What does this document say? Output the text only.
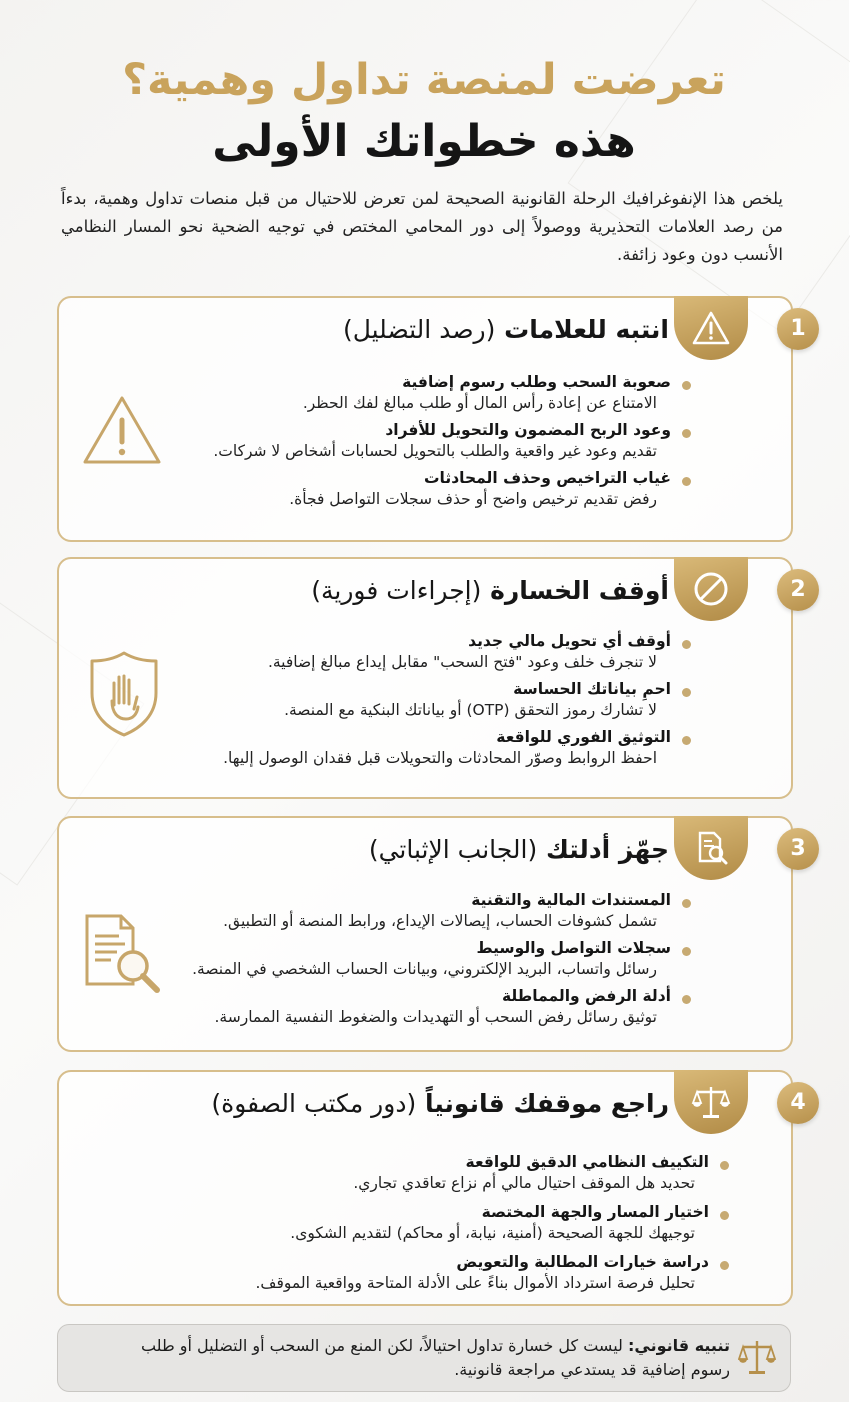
تعرضت لمنصة تداول وهمية؟
هذه خطواتك الأولى
يلخص هذا الإنفوغرافيك الرحلة القانونية الصحيحة لمن تعرض للاحتيال من قبل منصات تداول وهمية، بدءاً من رصد العلامات التحذيرية ووصولاً إلى دور المحامي المختص في توجيه الضحية نحو المسار النظامي الأنسب دون وعود زائفة.
1
انتبه للعلامات (رصد التضليل)
صعوبة السحب وطلب رسوم إضافية
الامتناع عن إعادة رأس المال أو طلب مبالغ لفك الحظر.
وعود الربح المضمون والتحويل للأفراد
تقديم وعود غير واقعية والطلب بالتحويل لحسابات أشخاص لا شركات.
غياب التراخيص وحذف المحادثات
رفض تقديم ترخيص واضح أو حذف سجلات التواصل فجأة.
2
أوقف الخسارة (إجراءات فورية)
أوقف أي تحويل مالي جديد
لا تنجرف خلف وعود "فتح السحب" مقابل إيداع مبالغ إضافية.
احمِ بياناتك الحساسة
لا تشارك رموز التحقق (OTP) أو بياناتك البنكية مع المنصة.
التوثيق الفوري للواقعة
احفظ الروابط وصوّر المحادثات والتحويلات قبل فقدان الوصول إليها.
3
جهّز أدلتك (الجانب الإثباتي)
المستندات المالية والتقنية
تشمل كشوفات الحساب، إيصالات الإيداع، ورابط المنصة أو التطبيق.
سجلات التواصل والوسيط
رسائل واتساب، البريد الإلكتروني، وبيانات الحساب الشخصي في المنصة.
أدلة الرفض والمماطلة
توثيق رسائل رفض السحب أو التهديدات والضغوط النفسية الممارسة.
4
راجع موقفك قانونياً (دور مكتب الصفوة)
التكييف النظامي الدقيق للواقعة
تحديد هل الموقف احتيال مالي أم نزاع تعاقدي تجاري.
اختيار المسار والجهة المختصة
توجيهك للجهة الصحيحة (أمنية، نيابة، أو محاكم) لتقديم الشكوى.
دراسة خيارات المطالبة والتعويض
تحليل فرصة استرداد الأموال بناءً على الأدلة المتاحة وواقعية الموقف.
تنبيه قانوني: ليست كل خسارة تداول احتيالاً، لكن المنع من السحب أو التضليل أو طلب رسوم إضافية قد يستدعي مراجعة قانونية.
